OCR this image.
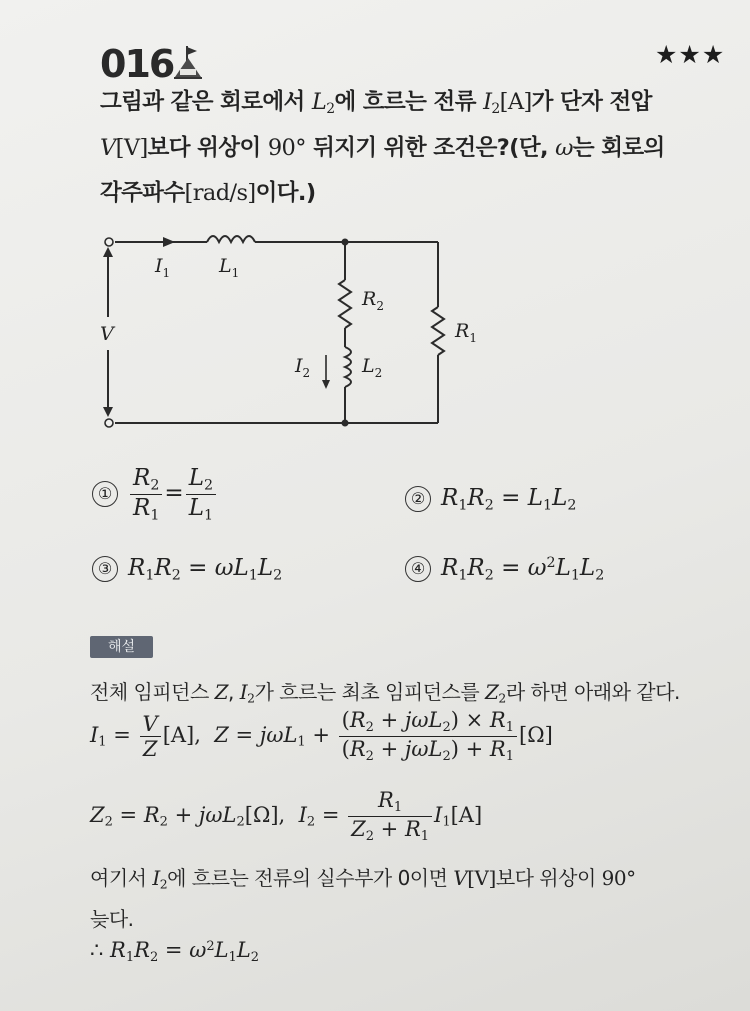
016	★★★
그림과 같은 회로에서 $L_2$에 흐르는 전류 $I_2[A]$가 단자 전압
V[V]보다 위상이 90° 뒤지기 위한 조건은?(단, ω는 회로의
각주파수[rad/s]이다.)
$I_1$	$L_1$
$R_2$
$R_1$
V
$I_2$	$L_2$
① $\frac{R_2}{R_1} = \frac{L_2}{L_1}$	② $R_1R_2 = L_1L_2$
③ $R_1R_2 = \omega L_1L_2$	④ $R_1R_2 = \omega^2L_1L_2$
해설
전체 임피던스 Z, $I_2$가 흐르는 최초 임피던스를 $Z_2$라 하면 아래와 같다.
$I_1 = \frac{V}{Z} [A]$,  $Z = j\omega L_1 + \frac{(R_2 + j\omega L_2) \times R_1}{(R_2 + j\omega L_2) + R_1} [\Omega]$
$Z_2 = R_2 + j\omega L_2[\Omega]$,  $I_2 = \frac{R_1}{Z_2 + R_1} I_1[A]$
여기서 $I_2$에 흐르는 전류의 실수부가 0이면 V[V]보다 위상이 90°
늦다.
∴ $R_1R_2 = \omega^2L_1L_2$
